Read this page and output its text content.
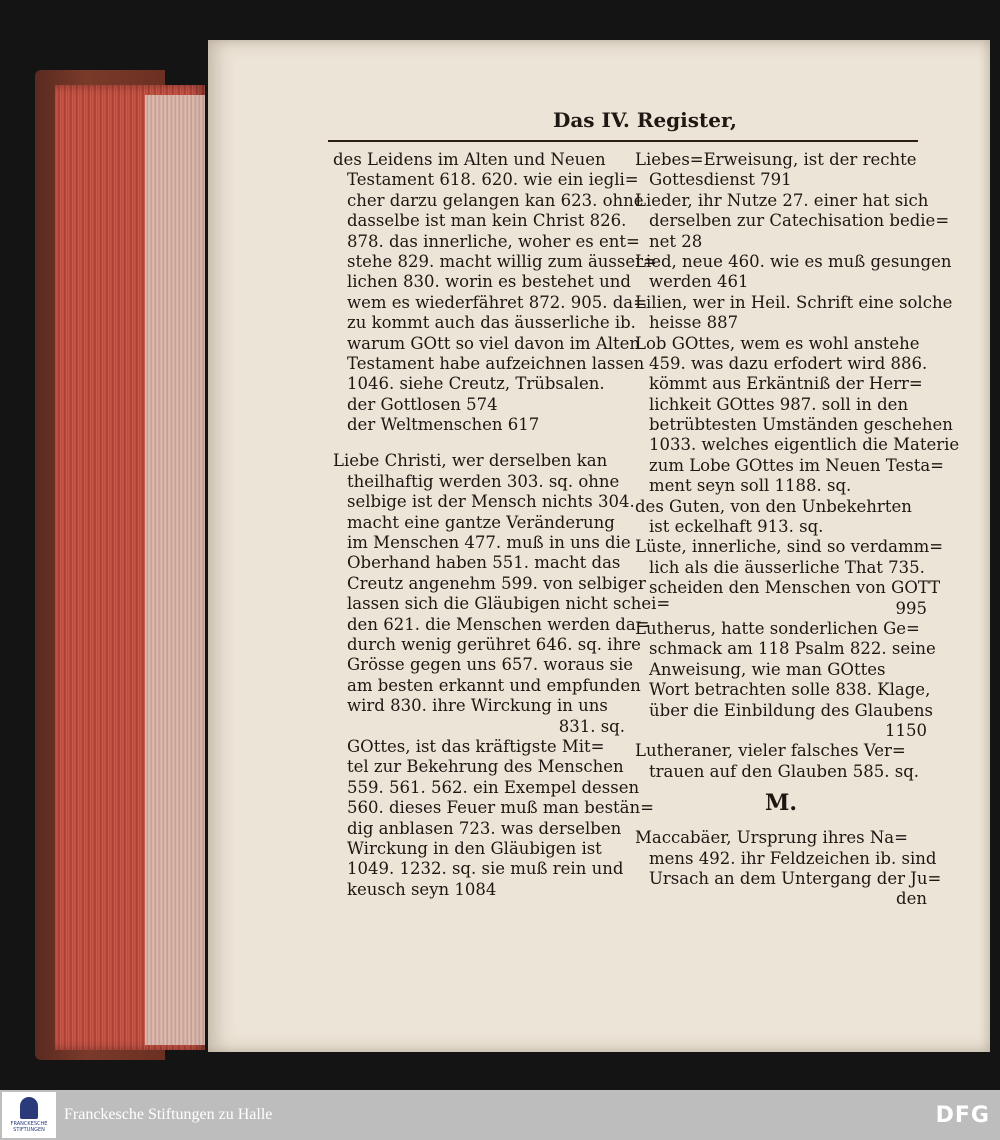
Das IV. Register,
des Leidens im Alten und Neuen
Testament 618. 620. wie ein iegli=
cher darzu gelangen kan 623. ohne
dasselbe ist man kein Christ 826.
878. das innerliche, woher es ent=
stehe 829. macht willig zum äusser=
lichen 830. worin es bestehet und
wem es wiederfähret 872. 905. da=
zu kommt auch das äusserliche ib.
warum GOtt so viel davon im Alten
Testament habe aufzeichnen lassen
1046. siehe Creutz, Trübsalen.
der Gottlosen 574
der Weltmenschen 617
Liebe Christi, wer derselben kan
theilhaftig werden 303. sq. ohne
selbige ist der Mensch nichts 304.
macht eine gantze Veränderung
im Menschen 477. muß in uns die
Oberhand haben 551. macht das
Creutz angenehm 599. von selbiger
lassen sich die Gläubigen nicht schei=
den 621. die Menschen werden da=
durch wenig gerühret 646. sq. ihre
Grösse gegen uns 657. woraus sie
am besten erkannt und empfunden
wird 830. ihre Wirckung in uns
831. sq.
GOttes, ist das kräftigste Mit=
tel zur Bekehrung des Menschen
559. 561. 562. ein Exempel dessen
560. dieses Feuer muß man bestän=
dig anblasen 723. was derselben
Wirckung in den Gläubigen ist
1049. 1232. sq. sie muß rein und
keusch seyn 1084
Liebes=Erweisung, ist der rechte
Gottesdienst 791
Lieder, ihr Nutze 27. einer hat sich
derselben zur Catechisation bedie=
net 28
Lied, neue 460. wie es muß gesungen
werden 461
Lilien, wer in Heil. Schrift eine solche
heisse 887
Lob GOttes, wem es wohl anstehe
459. was dazu erfodert wird 886.
kömmt aus Erkäntniß der Herr=
lichkeit GOttes 987. soll in den
betrübtesten Umständen geschehen
1033. welches eigentlich die Materie
zum Lobe GOttes im Neuen Testa=
ment seyn soll 1188. sq.
des Guten, von den Unbekehrten
ist eckelhaft 913. sq.
Lüste, innerliche, sind so verdamm=
lich als die äusserliche That 735.
scheiden den Menschen von GOTT
995
Lutherus, hatte sonderlichen Ge=
schmack am 118 Psalm 822. seine
Anweisung, wie man GOttes
Wort betrachten solle 838. Klage,
über die Einbildung des Glaubens
1150
Lutheraner, vieler falsches Ver=
trauen auf den Glauben 585. sq.
M.
Maccabäer, Ursprung ihres Na=
mens 492. ihr Feldzeichen ib. sind
Ursach an dem Untergang der Ju=
den
FRANCKESCHE STIFTUNGEN
Franckesche Stiftungen zu Halle	DFG
